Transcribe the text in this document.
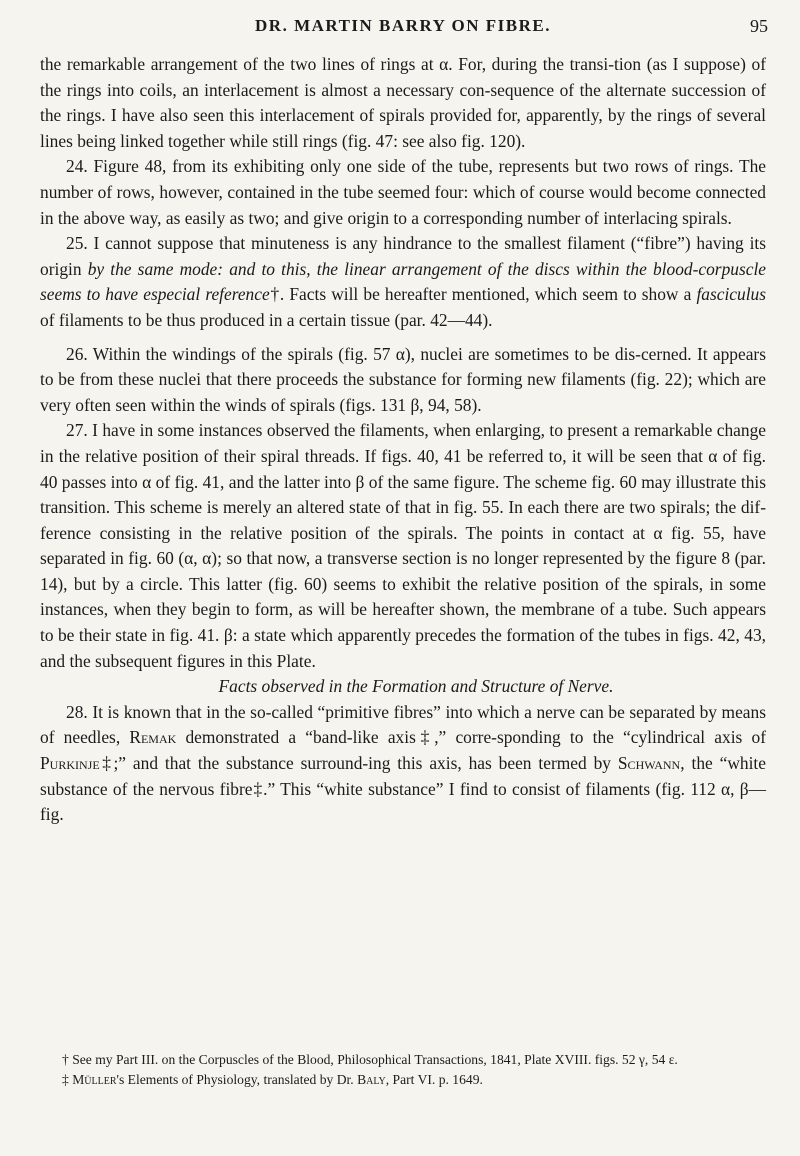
DR. MARTIN BARRY ON FIBRE.	95

the remarkable arrangement of the two lines of rings at α. For, during the transi-tion (as I suppose) of the rings into coils, an interlacement is almost a necessary con-sequence of the alternate succession of the rings. I have also seen this interlacement of spirals provided for, apparently, by the rings of several lines being linked together while still rings (fig. 47: see also fig. 120).

24. Figure 48, from its exhibiting only one side of the tube, represents but two rows of rings. The number of rows, however, contained in the tube seemed four: which of course would become connected in the above way, as easily as two; and give origin to a corresponding number of interlacing spirals.

25. I cannot suppose that minuteness is any hindrance to the smallest filament (“fibre”) having its origin by the same mode: and to this, the linear arrangement of the discs within the blood-corpuscle seems to have especial reference†. Facts will be hereafter mentioned, which seem to show a fasciculus of filaments to be thus produced in a certain tissue (par. 42—44).

26. Within the windings of the spirals (fig. 57 α), nuclei are sometimes to be dis-cerned. It appears to be from these nuclei that there proceeds the substance for forming new filaments (fig. 22); which are very often seen within the winds of spirals (figs. 131 β, 94, 58).

27. I have in some instances observed the filaments, when enlarging, to present a remarkable change in the relative position of their spiral threads. If figs. 40, 41 be referred to, it will be seen that α of fig. 40 passes into α of fig. 41, and the latter into β of the same figure. The scheme fig. 60 may illustrate this transition. This scheme is merely an altered state of that in fig. 55. In each there are two spirals; the dif-ference consisting in the relative position of the spirals. The points in contact at α fig. 55, have separated in fig. 60 (α, α); so that now, a transverse section is no longer represented by the figure 8 (par. 14), but by a circle. This latter (fig. 60) seems to exhibit the relative position of the spirals, in some instances, when they begin to form, as will be hereafter shown, the membrane of a tube. Such appears to be their state in fig. 41. β: a state which apparently precedes the formation of the tubes in figs. 42, 43, and the subsequent figures in this Plate.

Facts observed in the Formation and Structure of Nerve.

28. It is known that in the so-called “primitive fibres” into which a nerve can be separated by means of needles, Remak demonstrated a “band-like axis‡,” corre-sponding to the “cylindrical axis of Purkinje‡;” and that the substance surround-ing this axis, has been termed by Schwann, the “white substance of the nervous fibre‡.” This “white substance” I find to consist of filaments (fig. 112 α, β—fig.

† See my Part III. on the Corpuscles of the Blood, Philosophical Transactions, 1841, Plate XVIII. figs. 52 γ, 54 ε.

‡ Müller's Elements of Physiology, translated by Dr. Baly, Part VI. p. 1649.
